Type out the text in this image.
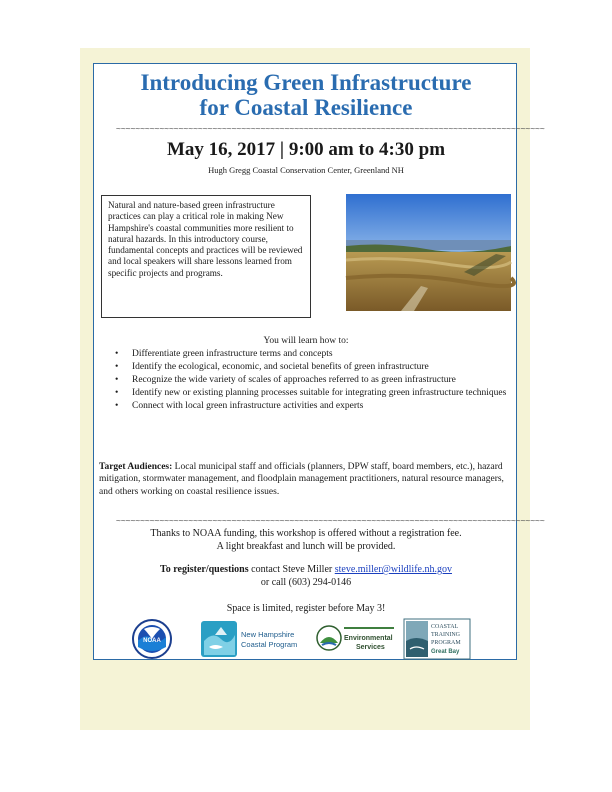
Introducing Green Infrastructure
for Coastal Resilience
~~~~~~~~~~~~~~~~~~~~~~~~~~~~~~~~~~~~~~~~~~~~~~~~~~~~~~~~~~~~~~~~~~~~~~~~~~~~~~~~~~~~~~~~~
May 16, 2017 | 9:00 am to 4:30 pm
Hugh Gregg Coastal Conservation Center, Greenland NH
Natural and nature-based green infrastructure practices can play a critical role in making New Hampshire's coastal communities more resilient to natural hazards. In this introductory course, fundamental concepts and practices will be reviewed and local speakers will share lessons learned from specific projects and programs.
You will learn how to:
• Differentiate green infrastructure terms and concepts
• Identify the ecological, economic, and societal benefits of green infrastructure
• Recognize the wide variety of scales of approaches referred to as green infrastructure
• Identify new or existing planning processes suitable for integrating green infrastructure techniques
• Connect with local green infrastructure activities and experts
Target Audiences: Local municipal staff and officials (planners, DPW staff, board members, etc.), hazard mitigation, stormwater management, and floodplain management practitioners, natural resource managers, and others working on coastal resilience issues.
~~~~~~~~~~~~~~~~~~~~~~~~~~~~~~~~~~~~~~~~~~~~~~~~~~~~~~~~~~~~~~~~~~~~~~~~~~~~~~~~~~~~~~~~~
Thanks to NOAA funding, this workshop is offered without a registration fee.
A light breakfast and lunch will be provided.
To register/questions contact Steve Miller steve.miller@wildlife.nh.gov
or call (603) 294-0146
Space is limited, register before May 3!
NOAA
New Hampshire
Coastal Program
Environmental
Services
COASTAL
TRAINING
PROGRAM
Great Bay
